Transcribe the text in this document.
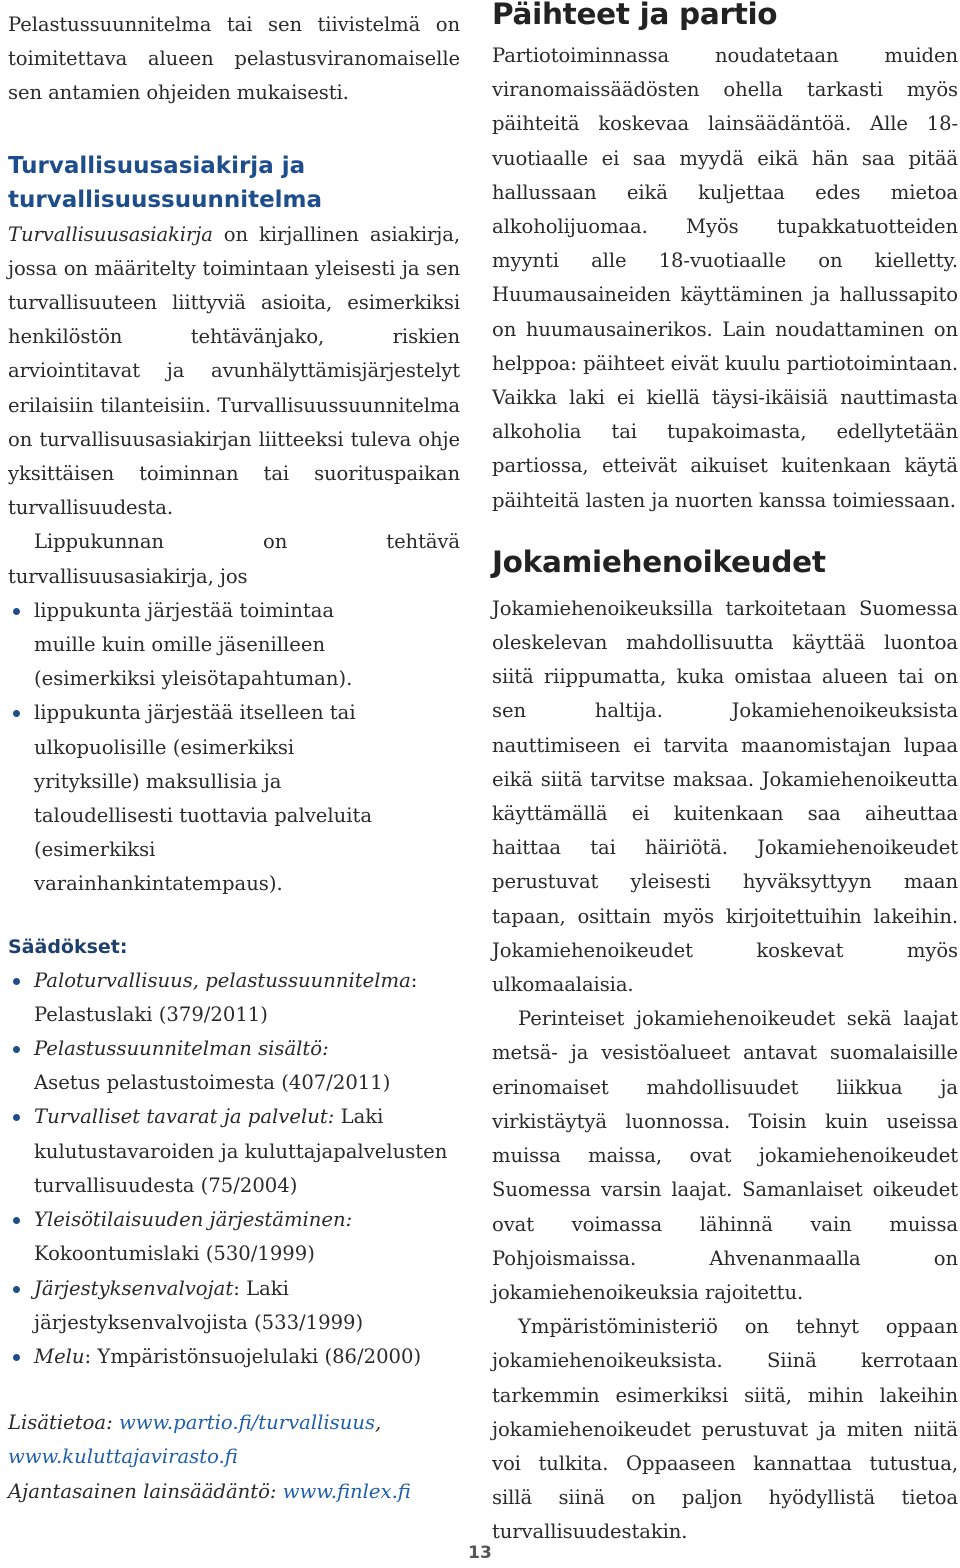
Pelastussuunnitelma tai sen tiivistelmä on toimitettava alueen pelastusviranomaiselle sen antamien ohjeiden mukaisesti.

Turvallisuusasiakirja ja turvallisuussuunnitelma

Turvallisuusasiakirja on kirjallinen asiakirja, jossa on määritelty toimintaan yleisesti ja sen turvallisuuteen liittyviä asioita, esimerkiksi henkilöstön tehtävänjako, riskien arviointitavat ja avunhälyttämisjärjestelyt erilaisiin tilanteisiin. Turvallisuussuunnitelma on turvallisuusasiakirjan liitteeksi tuleva ohje yksittäisen toiminnan tai suorituspaikan turvallisuudesta.

Lippukunnan on tehtävä turvallisuusasiakirja, jos

lippukunta järjestää toimintaa muille kuin omille jäsenilleen (esimerkiksi yleisötapahtuman).
lippukunta järjestää itselleen tai ulkopuolisille (esimerkiksi yrityksille) maksullisia ja taloudellisesti tuottavia palveluita (esimerkiksi varainhankintatempaus).
Säädökset:
Paloturvallisuus, pelastussuunnitelma:
Pelastuslaki (379/2011)
Pelastussuunnitelman sisältö: Asetus pelastustoimesta (407/2011)
Turvalliset tavarat ja palvelut: Laki kulutustavaroiden ja kuluttajapalvelusten turvallisuudesta (75/2004)
Yleisötilaisuuden järjestäminen:
Kokoontumislaki (530/1999)
Järjestyksenvalvojat: Laki järjestyksenvalvojista (533/1999)
Melu: Ympäristönsuojelulaki (86/2000)
Lisätietoa: www.partio.fi/turvallisuus,
www.kuluttajavirasto.fi
Ajantasainen lainsäädäntö: www.finlex.fi
Päihteet ja partio

Partiotoiminnassa noudatetaan muiden viranomaissäädösten ohella tarkasti myös päihteitä koskevaa lainsäädäntöä. Alle 18-vuotiaalle ei saa myydä eikä hän saa pitää hallussaan eikä kuljettaa edes mietoa alkoholijuomaa. Myös tupakkatuotteiden myynti alle 18-vuotiaalle on kielletty. Huumausaineiden käyttäminen ja hallussapito on huumausainerikos. Lain noudattaminen on helppoa: päihteet eivät kuulu partiotoimintaan. Vaikka laki ei kiellä täysi-ikäisiä nauttimasta alkoholia tai tupakoimasta, edellytetään partiossa, etteivät aikuiset kuitenkaan käytä päihteitä lasten ja nuorten kanssa toimiessaan.

Jokamiehenoikeudet

Jokamiehenoikeuksilla tarkoitetaan Suomessa oleskelevan mahdollisuutta käyttää luontoa siitä riippumatta, kuka omistaa alueen tai on sen haltija. Jokamiehenoikeuksista nauttimiseen ei tarvita maanomistajan lupaa eikä siitä tarvitse maksaa. Jokamiehenoikeutta käyttämällä ei kuitenkaan saa aiheuttaa haittaa tai häiriötä. Jokamiehenoikeudet perustuvat yleisesti hyväksyttyyn maan tapaan, osittain myös kirjoitettuihin lakeihin. Jokamiehenoikeudet koskevat myös ulkomaalaisia.

Perinteiset jokamiehenoikeudet sekä laajat metsä- ja vesistöalueet antavat suomalaisille erinomaiset mahdollisuudet liikkua ja virkistäytyä luonnossa. Toisin kuin useissa muissa maissa, ovat jokamiehenoikeudet Suomessa varsin laajat. Samanlaiset oikeudet ovat voimassa lähinnä vain muissa Pohjoismaissa. Ahvenanmaalla on jokamiehenoikeuksia rajoitettu.

Ympäristöministeriö on tehnyt oppaan jokamiehenoikeuksista. Siinä kerrotaan tarkemmin esimerkiksi siitä, mihin lakeihin jokamiehenoikeudet perustuvat ja miten niitä voi tulkita. Oppaaseen kannattaa tutustua, sillä siinä on paljon hyödyllistä tietoa turvallisuudestakin.

13
